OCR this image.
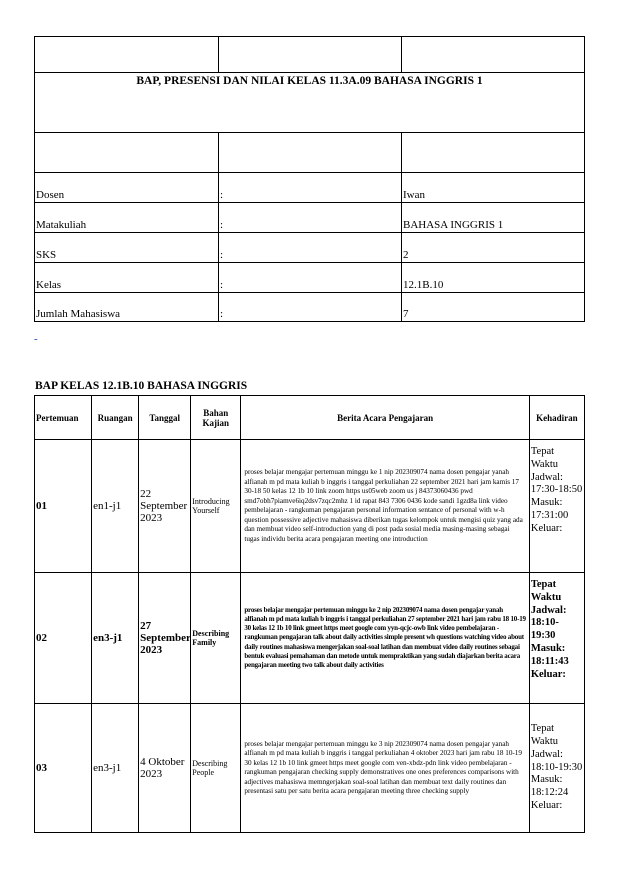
BAP, PRESENSI DAN NILAI KELAS 11.3A.09 BAHASA INGGRIS 1		

Dosen	:	Iwan
Matakuliah	:	BAHASA INGGRIS 1
SKS	:	2
Kelas	:	12.1B.10
Jumlah Mahasiswa	:	7
-
BAP KELAS 12.1B.10 BAHASA INGGRIS
Pertemuan	Ruangan	Tanggal	Bahan Kajian	Berita Acara Pengajaran	Kehadiran
01	en1-j1	22 September 2023	Introducing Yourself	proses belajar mengajar pertemuan minggu ke 1 nip 202309074 nama dosen pengajar yanah alfianah m pd mata kuliah b inggris i tanggal perkuliahan 22 september 2021 hari jam kamis 17 30-18 50 kelas 12 1b 10 link zoom https us05web zoom us j 84373060436 pwd smd7obh7piamve6iq2dsv7zqc2mhz 1 id rapat 843 7306 0436 kode sandi 1gzd8a link video pembelajaran - rangkuman pengajaran personal information sentance of personal with w-h question possessive adjective mahasiswa diberikan tugas kelompok untuk mengisi quiz yang ada dan membuat video self-introduction yang di post pada sosial media masing-masing sebagai tugas individu berita acara pengajaran meeting one introduction	Tepat Waktu Jadwal: 17:30-18:50 Masuk: 17:31:00 Keluar:
02	en3-j1	27 September 2023	Describing Family	proses belajar mengajar pertemuan minggu ke 2 nip 202309074 nama dosen pengajar yanah alfianah m pd mata kuliah b inggris i tanggal perkuliahan 27 september 2021 hari jam rabu 18 10-19 30 kelas 12 1b 10 link gmeet https meet google com yyn-qcjc-owb link video pembelajaran - rangkuman pengajaran talk about daily activities simple present wh questions watching video about daily routines mahasiswa mengerjakan soal-soal latihan dan membuat video daily routines sebagai bentuk evaluasi pemahaman dan metode untuk mempraktikan yang sudah diajarkan berita acara pengajaran meeting two talk about daily activities	Tepat Waktu Jadwal: 18:10-19:30 Masuk: 18:11:43 Keluar:
03	en3-j1	4 Oktober 2023	Describing People	proses belajar mengajar pertemuan minggu ke 3 nip 202309074 nama dosen pengajar yanah alfianah m pd mata kuliah b inggris i tanggal perkuliahan 4 oktober 2023 hari jam rabu 18 10-19 30 kelas 12 1b 10 link gmeet https meet google com ven-xbdz-pdn link video pembelajaran - rangkuman pengajaran checking supply demonstratives one ones preferences comparisons with adjectives mahasiswa memngerjakan soal-soal latihan dan membuat text daily routines dan presentasi satu per satu berita acara pengajaran meeting three checking supply	Tepat Waktu Jadwal: 18:10-19:30 Masuk: 18:12:24 Keluar:
